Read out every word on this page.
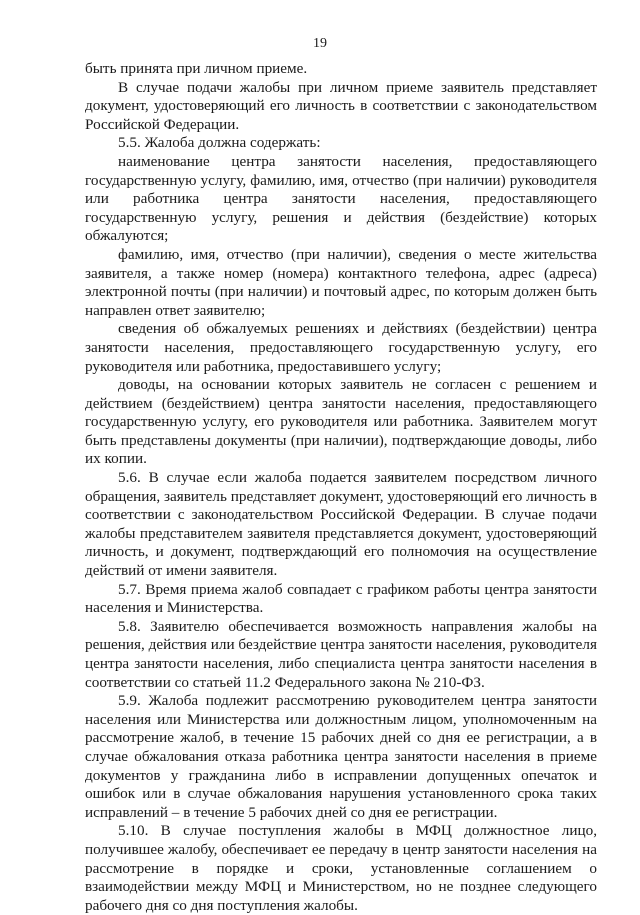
19

быть принята при личном приеме.

В случае подачи жалобы при личном приеме заявитель представляет документ, удостоверяющий его личность в соответствии с законодательством Российской Федерации.

5.5. Жалоба должна содержать:

наименование центра занятости населения, предоставляющего государственную услугу, фамилию, имя, отчество (при наличии) руководителя или работника центра занятости населения, предоставляющего государственную услугу, решения и действия (бездействие) которых обжалуются;

фамилию, имя, отчество (при наличии), сведения о месте жительства заявителя, а также номер (номера) контактного телефона, адрес (адреса) электронной почты (при наличии) и почтовый адрес, по которым должен быть направлен ответ заявителю;

сведения об обжалуемых решениях и действиях (бездействии) центра занятости населения, предоставляющего государственную услугу, его руководителя или работника, предоставившего услугу;

доводы, на основании которых заявитель не согласен с решением и действием (бездействием) центра занятости населения, предоставляющего государственную услугу, его руководителя или работника. Заявителем могут быть представлены документы (при наличии), подтверждающие доводы, либо их копии.

5.6. В случае если жалоба подается заявителем посредством личного обращения, заявитель представляет документ, удостоверяющий его личность в соответствии с законодательством Российской Федерации. В случае подачи жалобы представителем заявителя представляется документ, удостоверяющий личность, и документ, подтверждающий его полномочия на осуществление действий от имени заявителя.

5.7. Время приема жалоб совпадает с графиком работы центра занятости населения и Министерства.

5.8. Заявителю обеспечивается возможность направления жалобы на решения, действия или бездействие центра занятости населения, руководителя центра занятости населения, либо специалиста центра занятости населения в соответствии со статьей 11.2 Федерального закона № 210-ФЗ.

5.9. Жалоба подлежит рассмотрению руководителем центра занятости населения или Министерства или должностным лицом, уполномоченным на рассмотрение жалоб, в течение 15 рабочих дней со дня ее регистрации, а в случае обжалования отказа работника центра занятости населения в приеме документов у гражданина либо в исправлении допущенных опечаток и ошибок или в случае обжалования нарушения установленного срока таких исправлений – в течение 5 рабочих дней со дня ее регистрации.

5.10. В случае поступления жалобы в МФЦ должностное лицо, получившее жалобу, обеспечивает ее передачу в центр занятости населения на рассмотрение в порядке и сроки, установленные соглашением о взаимодействии между МФЦ и Министерством, но не позднее следующего рабочего дня со дня поступления жалобы.
